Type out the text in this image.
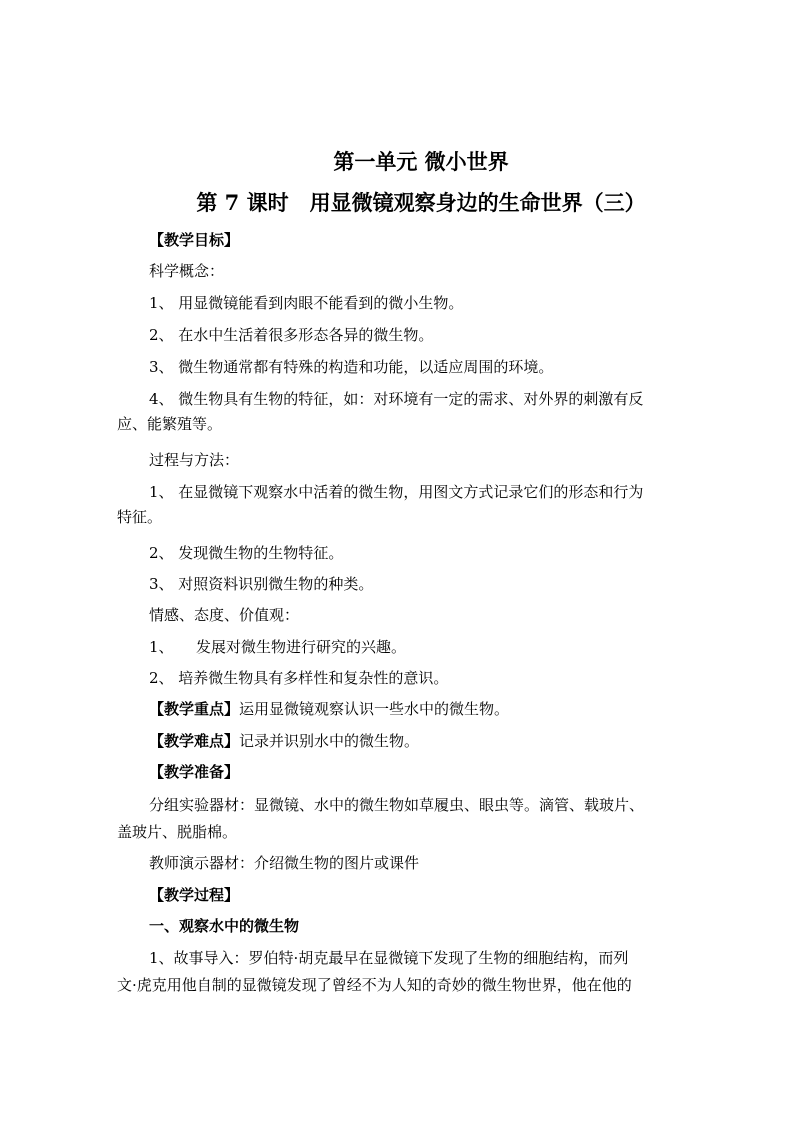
第一单元 微小世界
第 7 课时　用显微镜观察身边的生命世界（三）
【教学目标】
科学概念：
1、 用显微镜能看到肉眼不能看到的微小生物。
2、 在水中生活着很多形态各异的微生物。
3、 微生物通常都有特殊的构造和功能，以适应周围的环境。
4、 微生物具有生物的特征，如：对环境有一定的需求、对外界的刺激有反
应、能繁殖等。
过程与方法：
1、 在显微镜下观察水中活着的微生物，用图文方式记录它们的形态和行为
特征。
2、 发现微生物的生物特征。
3、 对照资料识别微生物的种类。
情感、态度、价值观：
1、　　发展对微生物进行研究的兴趣。
2、 培养微生物具有多样性和复杂性的意识。
【教学重点】运用显微镜观察认识一些水中的微生物。
【教学难点】记录并识别水中的微生物。
【教学准备】
分组实验器材：显微镜、水中的微生物如草履虫、眼虫等。滴管、载玻片、
盖玻片、脱脂棉。
教师演示器材：介绍微生物的图片或课件
【教学过程】
一、观察水中的微生物
1、故事导入：罗伯特·胡克最早在显微镜下发现了生物的细胞结构，而列
文·虎克用他自制的显微镜发现了曾经不为人知的奇妙的微生物世界，他在他的
